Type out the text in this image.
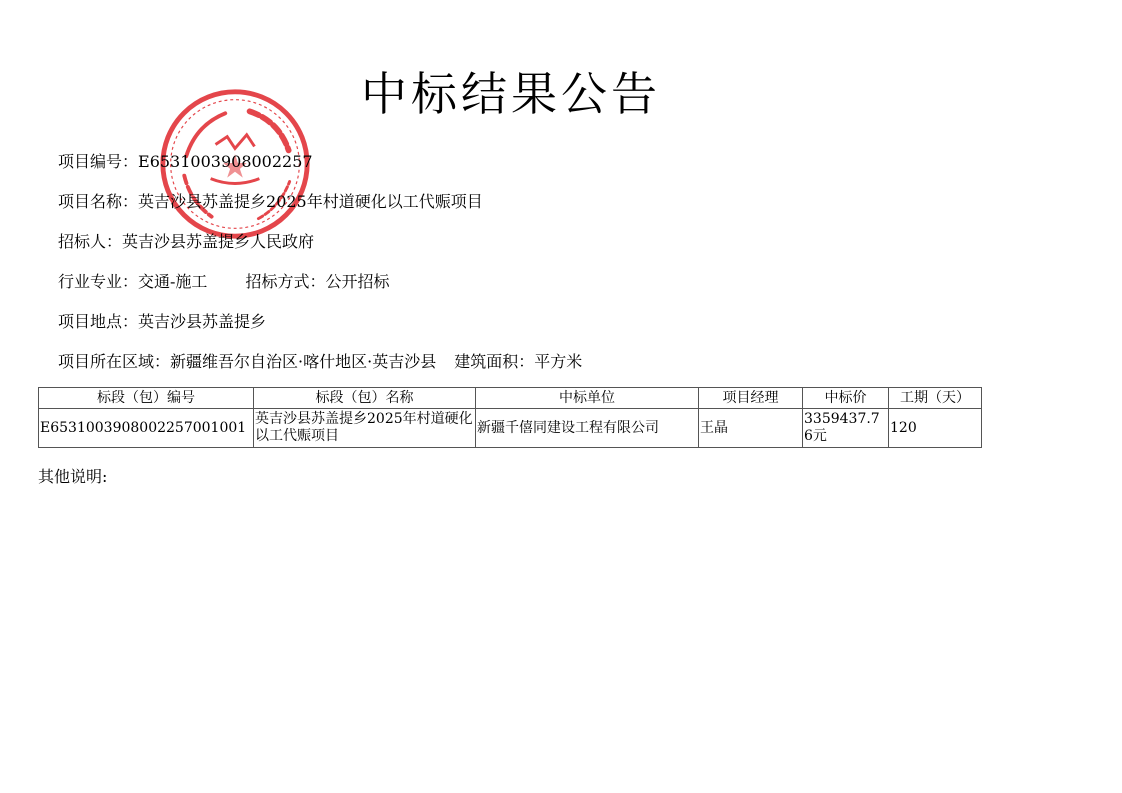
中标结果公告
项目编号：E6531003908002257
项目名称：英吉沙县苏盖提乡2025年村道硬化以工代赈项目
招标人：英吉沙县苏盖提乡人民政府
行业专业：交通-施工 招标方式：公开招标
项目地点：英吉沙县苏盖提乡
项目所在区域：新疆维吾尔自治区·喀什地区·英吉沙县 建筑面积：平方米
标段（包）编号	标段（包）名称	中标单位	项目经理	中标价	工期（天）
E6531003908002257001001	英吉沙县苏盖提乡2025年村道硬化以工代赈项目	新疆千僖同建设工程有限公司	王晶	3359437.76元	120
其他说明:
